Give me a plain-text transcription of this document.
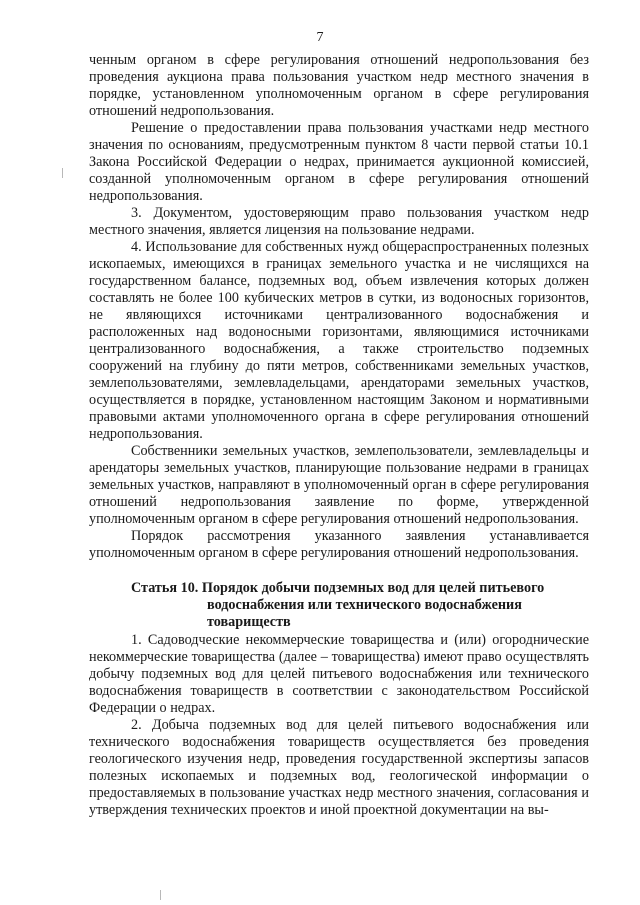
7

ченным органом в сфере регулирования отношений недропользования без проведения аукциона права пользования участком недр местного значения в порядке, установленном уполномоченным органом в сфере регулирования отношений недропользования.

Решение о предоставлении права пользования участками недр местного значения по основаниям, предусмотренным пунктом 8 части первой статьи 10.1 Закона Российской Федерации о недрах, принимается аукционной комиссией, созданной уполномоченным органом в сфере регулирования отношений недропользования.

3. Документом, удостоверяющим право пользования участком недр местного значения, является лицензия на пользование недрами.

4. Использование для собственных нужд общераспространенных полезных ископаемых, имеющихся в границах земельного участка и не числящихся на государственном балансе, подземных вод, объем извлечения которых должен составлять не более 100 кубических метров в сутки, из водоносных горизонтов, не являющихся источниками централизованного водоснабжения и расположенных над водоносными горизонтами, являющимися источниками централизованного водоснабжения, а также строительство подземных сооружений на глубину до пяти метров, собственниками земельных участков, землепользователями, землевладельцами, арендаторами земельных участков, осуществляется в порядке, установленном настоящим Законом и нормативными правовыми актами уполномоченного органа в сфере регулирования отношений недропользования.

Собственники земельных участков, землепользователи, землевладельцы и арендаторы земельных участков, планирующие пользование недрами в границах земельных участков, направляют в уполномоченный орган в сфере регулирования отношений недропользования заявление по форме, утвержденной уполномоченным органом в сфере регулирования отношений недропользования.

Порядок рассмотрения указанного заявления устанавливается уполномоченным органом в сфере регулирования отношений недропользования.

Статья 10. Порядок добычи подземных вод для целей питьевого водоснабжения или технического водоснабжения товариществ

1. Садоводческие некоммерческие товарищества и (или) огороднические некоммерческие товарищества (далее – товарищества) имеют право осуществлять добычу подземных вод для целей питьевого водоснабжения или технического водоснабжения товариществ в соответствии с законодательством Российской Федерации о недрах.

2. Добыча подземных вод для целей питьевого водоснабжения или технического водоснабжения товариществ осуществляется без проведения геологического изучения недр, проведения государственной экспертизы запасов полезных ископаемых и подземных вод, геологической информации о предоставляемых в пользование участках недр местного значения, согласования и утверждения технических проектов и иной проектной документации на вы-
